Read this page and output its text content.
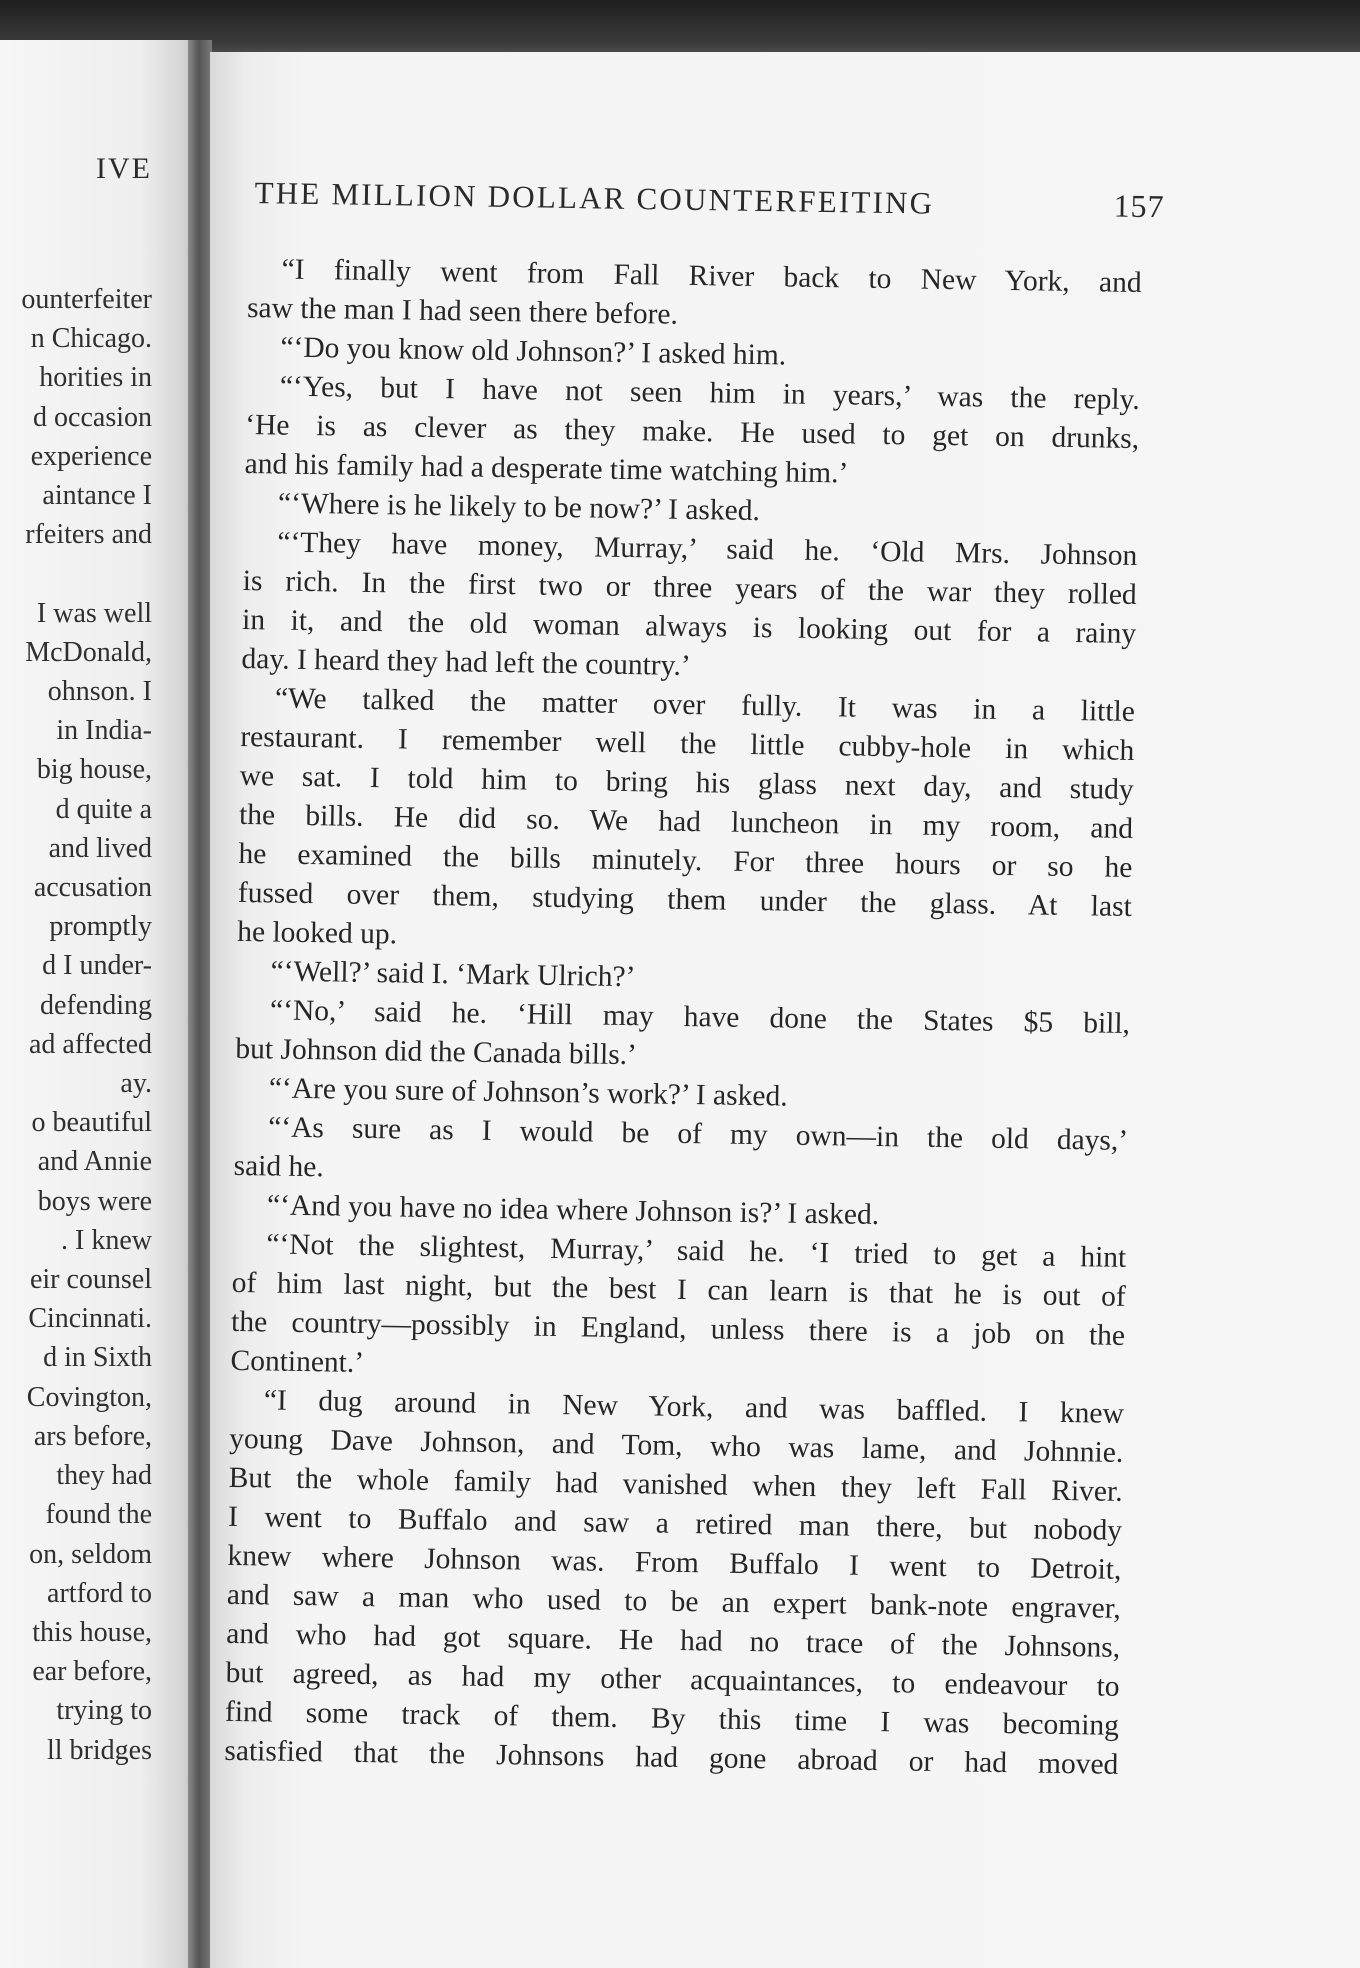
IVE
ounterfeiter
n Chicago.
horities in
d occasion
experience
aintance I
rfeiters and

I was well
McDonald,
ohnson. I
in India-
big house,
d quite a
and lived
accusation
promptly
d I under-
defending
ad affected
ay.
o beautiful
and Annie
boys were
. I knew
eir counsel
Cincinnati.
d in Sixth
Covington,
ars before,
they had
found the
on, seldom
artford to
this house,
ear before,
trying to
ll bridges
THE MILLION DOLLAR COUNTERFEITING	157
“I finally went from Fall River back to New York, and
saw the man I had seen there before.
“‘Do you know old Johnson?’ I asked him.
“‘Yes, but I have not seen him in years,’ was the reply.
‘He is as clever as they make. He used to get on drunks,
and his family had a desperate time watching him.’
“‘Where is he likely to be now?’ I asked.
“‘They have money, Murray,’ said he. ‘Old Mrs. Johnson
is rich. In the first two or three years of the war they rolled
in it, and the old woman always is looking out for a rainy
day. I heard they had left the country.’
“We talked the matter over fully. It was in a little
restaurant. I remember well the little cubby-hole in which
we sat. I told him to bring his glass next day, and study
the bills. He did so. We had luncheon in my room, and
he examined the bills minutely. For three hours or so he
fussed over them, studying them under the glass. At last
he looked up.
“‘Well?’ said I. ‘Mark Ulrich?’
“‘No,’ said he. ‘Hill may have done the States $5 bill,
but Johnson did the Canada bills.’
“‘Are you sure of Johnson’s work?’ I asked.
“‘As sure as I would be of my own—in the old days,’
said he.
“‘And you have no idea where Johnson is?’ I asked.
“‘Not the slightest, Murray,’ said he. ‘I tried to get a hint
of him last night, but the best I can learn is that he is out of
the country—possibly in England, unless there is a job on the
Continent.’
“I dug around in New York, and was baffled. I knew
young Dave Johnson, and Tom, who was lame, and Johnnie.
But the whole family had vanished when they left Fall River.
I went to Buffalo and saw a retired man there, but nobody
knew where Johnson was. From Buffalo I went to Detroit,
and saw a man who used to be an expert bank-note engraver,
and who had got square. He had no trace of the Johnsons,
but agreed, as had my other acquaintances, to endeavour to
find some track of them. By this time I was becoming
satisfied that the Johnsons had gone abroad or had moved
